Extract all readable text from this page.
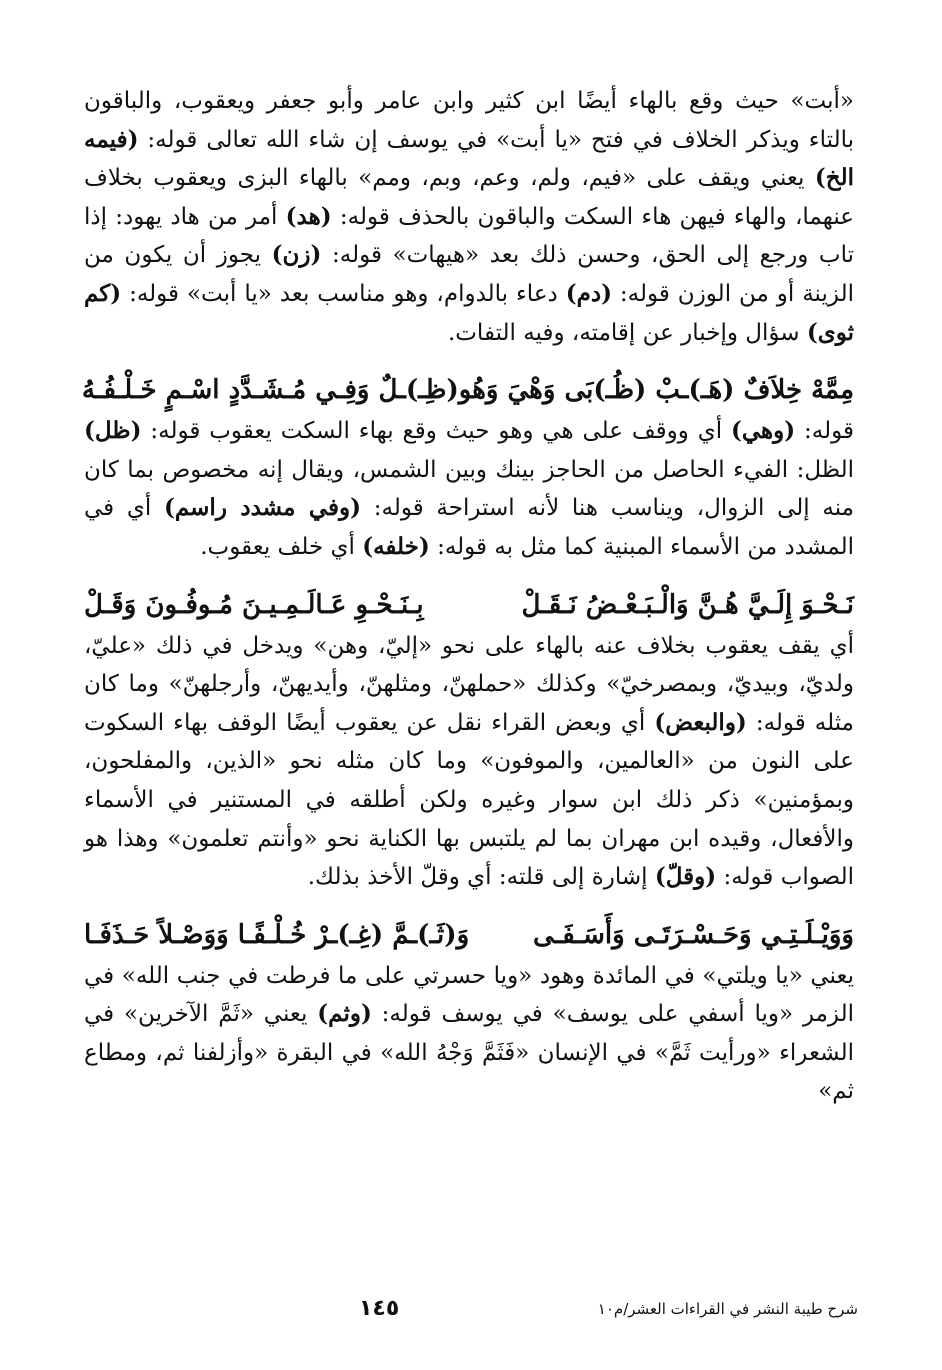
«أبت» حيث وقع بالهاء أيضًا ابن كثير وابن عامر وأبو جعفر ويعقوب، والباقون بالتاء ويذكر الخلاف في فتح «يا أبت» في يوسف إن شاء الله تعالى قوله: (فيمه الخ) يعني ويقف على «فيم، ولم، وعم، وبم، ومم» بالهاء البزى ويعقوب بخلاف عنهما، والهاء فيهن هاء السكت والباقون بالحذف قوله: (هد) أمر من هاد يهود: إذا تاب ورجع إلى الحق، وحسن ذلك بعد «هيهات» قوله: (زن) يجوز أن يكون من الزينة أو من الوزن قوله: (دم) دعاء بالدوام، وهو مناسب بعد «يا أبت» قوله: (كم ثوى) سؤال وإخبار عن إقامته، وفيه التفات.

مِمَّهْ خِلاَفٌ (هَـ)ـبْ (ظُـ)بَى وَهْيَ وَهُو
(ظِـ)ـلٌ وَفِـي مُـشَـدَّدٍ اسْـمٍ خَـلْـفُـهُ

قوله: (وهي) أي ووقف على هي وهو حيث وقع بهاء السكت يعقوب قوله: (ظل) الظل: الفيء الحاصل من الحاجز بينك وبين الشمس، ويقال إنه مخصوص بما كان منه إلى الزوال، ويناسب هنا لأنه استراحة قوله: (وفي مشدد راسم) أي في المشدد من الأسماء المبنية كما مثل به قوله: (خلفه) أي خلف يعقوب.

نَـحْـوَ إِلَـيَّ هُـنَّ وَالْـبَـعْـضُ نَـقَـلْ
بِـنَـحْـوِ عَـالَـمِـيـنَ مُـوفُـونَ وَقَـلْ

أي يقف يعقوب بخلاف عنه بالهاء على نحو «إليّ، وهن» ويدخل في ذلك «عليّ، ولديّ، وبيديّ، وبمصرخيّ» وكذلك «حملهنّ، ومثلهنّ، وأيديهنّ، وأرجلهنّ» وما كان مثله قوله: (والبعض) أي وبعض القراء نقل عن يعقوب أيضًا الوقف بهاء السكوت على النون من «العالمين، والموفون» وما كان مثله نحو «الذين، والمفلحون، وبمؤمنين» ذكر ذلك ابن سوار وغيره ولكن أطلقه في المستنير في الأسماء والأفعال، وقيده ابن مهران بما لم يلتبس بها الكناية نحو «وأنتم تعلمون» وهذا هو الصواب قوله: (وقلّ) إشارة إلى قلته: أي وقلّ الأخذ بذلك.

وَوَيْـلَـتِـي وَحَـسْـرَتَـى وَأَسَـفَـى
وَ(ثَـ)ـمَّ (غِـ)ـرْ خُـلْـفًـا وَوَصْـلاً حَـذَفَـا

يعني «يا ويلتي» في المائدة وهود «ويا حسرتي على ما فرطت في جنب الله» في الزمر «ويا أسفي على يوسف» في يوسف قوله: (وثم) يعني «ثَمَّ الآخرين» في الشعراء «ورأيت ثَمَّ» في الإنسان «فَثَمَّ وَجْهُ الله» في البقرة «وأزلفنا ثم، ومطاع ثم»

شرح طيبة النشر في القراءات العشر/م١٠
١٤٥
